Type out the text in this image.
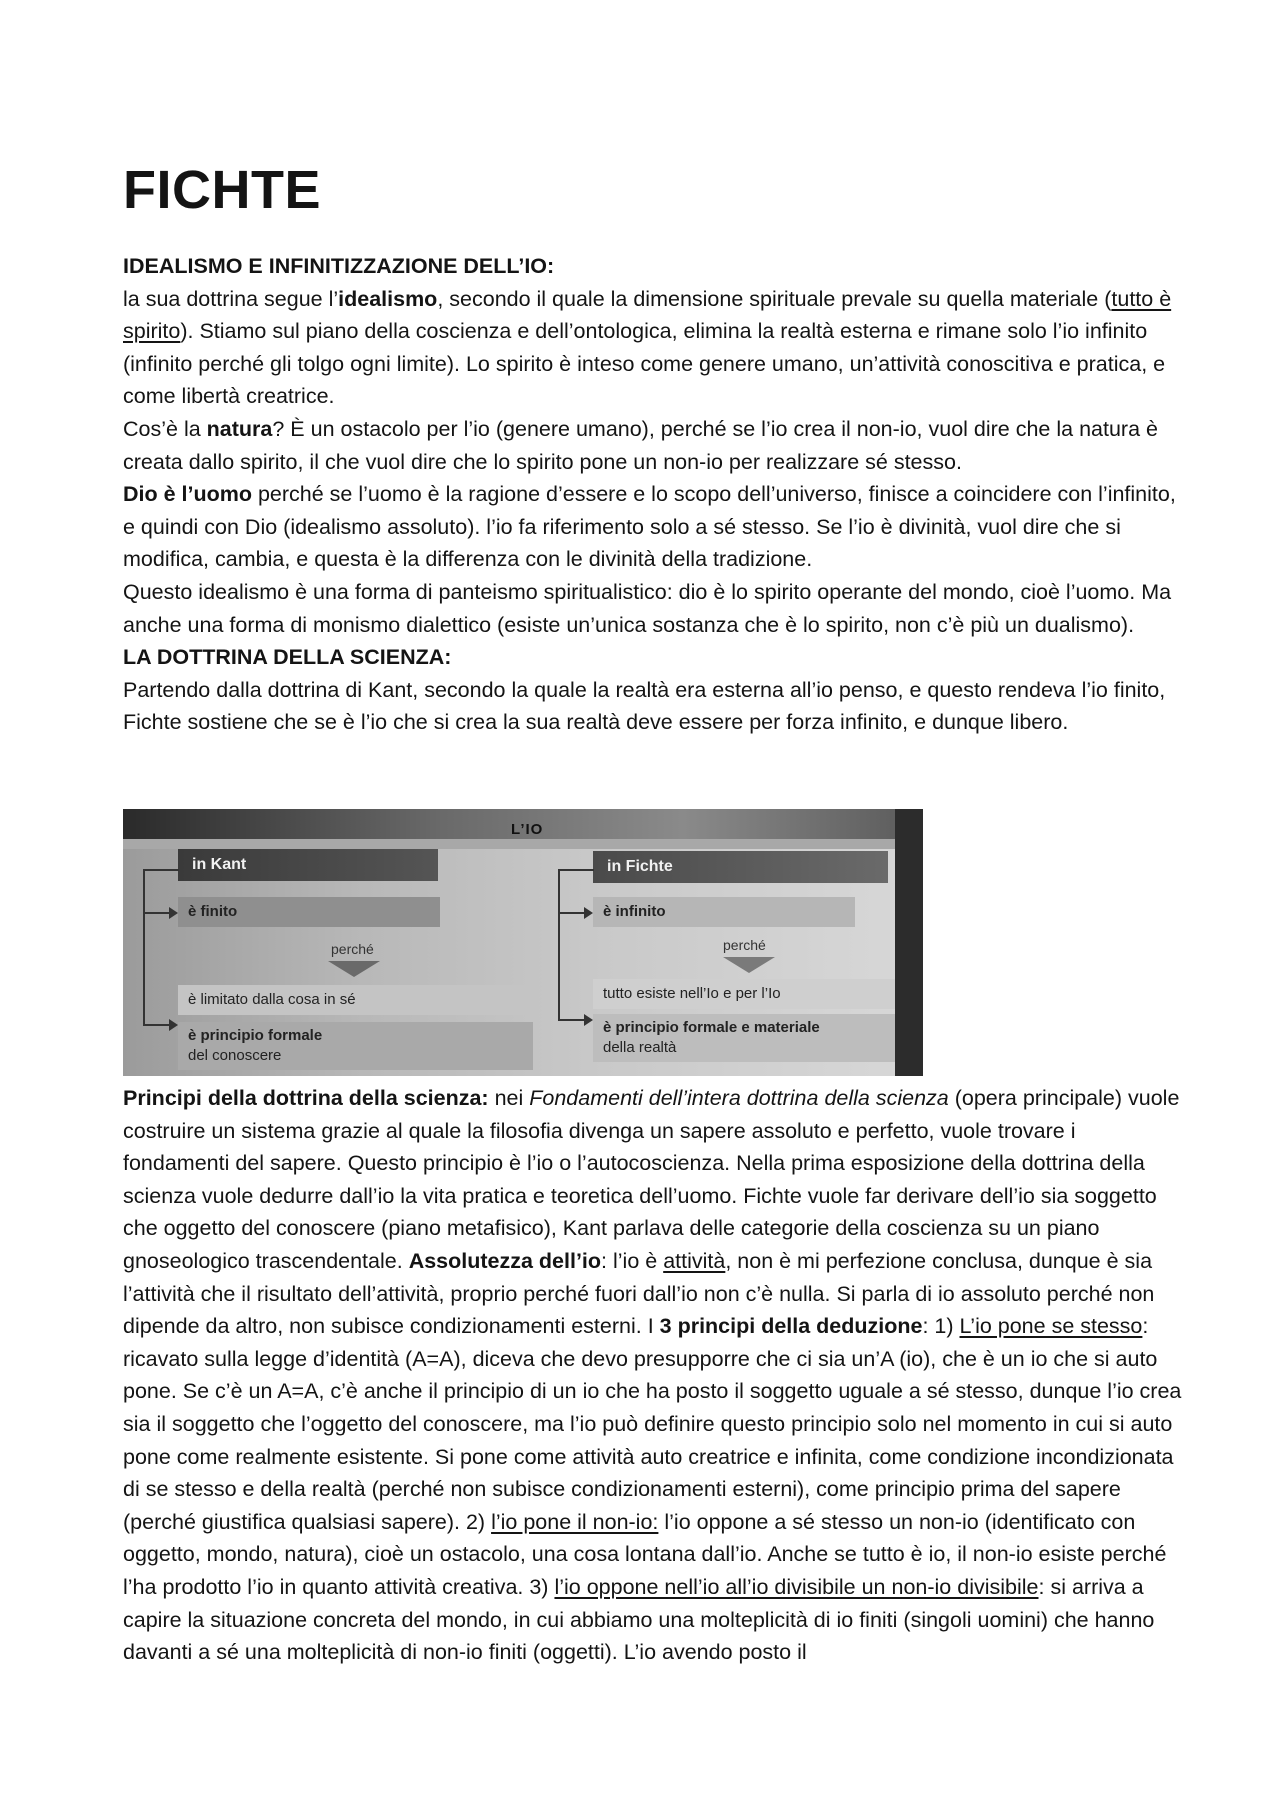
FICHTE

IDEALISMO E INFINITIZZAZIONE DELL’IO:

la sua dottrina segue l’idealismo, secondo il quale la dimensione spirituale prevale su quella materiale (tutto è spirito). Stiamo sul piano della coscienza e dell’ontologica, elimina la realtà esterna e rimane solo l’io infinito (infinito perché gli tolgo ogni limite). Lo spirito è inteso come genere umano, un’attività conoscitiva e pratica, e come libertà creatrice.

Cos’è la natura? È un ostacolo per l’io (genere umano), perché se l’io crea il non-io, vuol dire che la natura è creata dallo spirito, il che vuol dire che lo spirito pone un non-io per realizzare sé stesso.

Dio è l’uomo perché se l’uomo è la ragione d’essere e lo scopo dell’universo, finisce a coincidere con l’infinito, e quindi con Dio (idealismo assoluto). l’io fa riferimento solo a sé stesso. Se l’io è divinità, vuol dire che si modifica, cambia, e questa è la differenza con le divinità della tradizione.

Questo idealismo è una forma di panteismo spiritualistico: dio è lo spirito operante del mondo, cioè l’uomo. Ma anche una forma di monismo dialettico (esiste un’unica sostanza che è lo spirito, non c’è più un dualismo).

LA DOTTRINA DELLA SCIENZA:

Partendo dalla dottrina di Kant, secondo la quale la realtà era esterna all’io penso, e questo rendeva l’io finito, Fichte sostiene che se è l’io che si crea la sua realtà deve essere per forza infinito, e dunque libero.

Principi della dottrina della scienza: nei Fondamenti dell’intera dottrina della scienza (opera principale) vuole costruire un sistema grazie al quale la filosofia divenga un sapere assoluto e perfetto, vuole trovare i fondamenti del sapere. Questo principio è l’io o l’autocoscienza. Nella prima esposizione della dottrina della scienza vuole dedurre dall’io la vita pratica e teoretica dell’uomo. Fichte vuole far derivare dell’io sia soggetto che oggetto del conoscere (piano metafisico), Kant parlava delle categorie della coscienza su un piano gnoseologico trascendentale. Assolutezza dell’io: l’io è attività, non è mi perfezione conclusa, dunque è sia l’attività che il risultato dell’attività, proprio perché fuori dall’io non c’è nulla. Si parla di io assoluto perché non dipende da altro, non subisce condizionamenti esterni. I 3 principi della deduzione: 1) L’io pone se stesso: ricavato sulla legge d’identità (A=A), diceva che devo presupporre che ci sia un’A (io), che è un io che si auto pone. Se c’è un A=A, c’è anche il principio di un io che ha posto il soggetto uguale a sé stesso, dunque l’io crea sia il soggetto che l’oggetto del conoscere, ma l’io può definire questo principio solo nel momento in cui si auto pone come realmente esistente. Si pone come attività auto creatrice e infinita, come condizione incondizionata di se stesso e della realtà (perché non subisce condizionamenti esterni), come principio prima del sapere (perché giustifica qualsiasi sapere). 2) l’io pone il non-io: l’io oppone a sé stesso un non-io (identificato con oggetto, mondo, natura), cioè un ostacolo, una cosa lontana dall’io. Anche se tutto è io, il non-io esiste perché l’ha prodotto l’io in quanto attività creativa. 3) l’io oppone nell’io all’io divisibile un non-io divisibile: si arriva a capire la situazione concreta del mondo, in cui abbiamo una molteplicità di io finiti (singoli uomini) che hanno davanti a sé una molteplicità di non-io finiti (oggetti). L’io avendo posto il

L’IO
in Kant
è finito
perché
è limitato dalla cosa in sé
è principio formale
del conoscere
in Fichte
è infinito
perché
tutto esiste nell’Io e per l’Io
è principio formale e materiale
della realtà
